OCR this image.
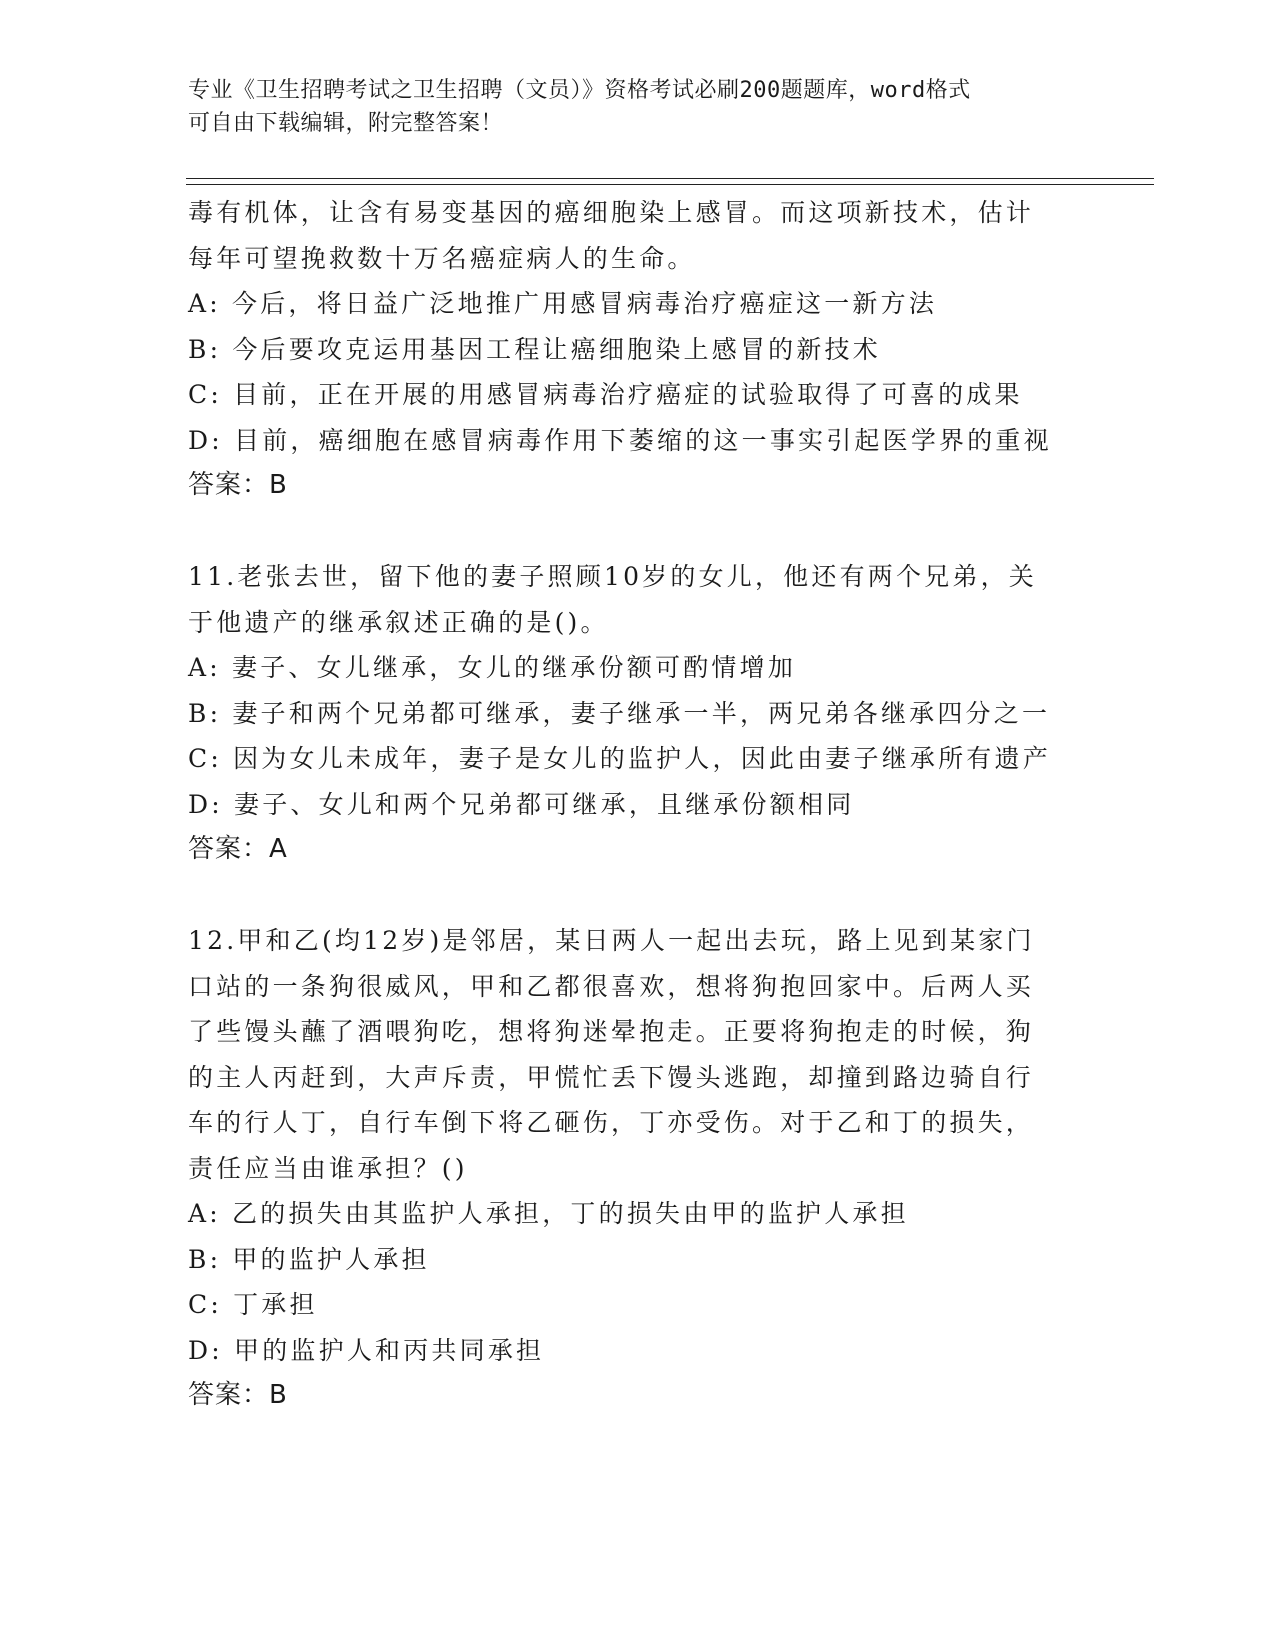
专业《卫生招聘考试之卫生招聘（文员）》资格考试必刷200题题库，word格式
可自由下载编辑，附完整答案！
毒有机体，让含有易变基因的癌细胞染上感冒。而这项新技术，估计
每年可望挽救数十万名癌症病人的生命。
A: 今后，将日益广泛地推广用感冒病毒治疗癌症这一新方法
B: 今后要攻克运用基因工程让癌细胞染上感冒的新技术
C: 目前，正在开展的用感冒病毒治疗癌症的试验取得了可喜的成果
D: 目前，癌细胞在感冒病毒作用下萎缩的这一事实引起医学界的重视
答案：B
11.老张去世，留下他的妻子照顾10岁的女儿，他还有两个兄弟，关
于他遗产的继承叙述正确的是()。
A: 妻子、女儿继承，女儿的继承份额可酌情增加
B: 妻子和两个兄弟都可继承，妻子继承一半，两兄弟各继承四分之一
C: 因为女儿未成年，妻子是女儿的监护人，因此由妻子继承所有遗产
D: 妻子、女儿和两个兄弟都可继承，且继承份额相同
答案：A
12.甲和乙(均12岁)是邻居，某日两人一起出去玩，路上见到某家门
口站的一条狗很威风，甲和乙都很喜欢，想将狗抱回家中。后两人买
了些馒头蘸了酒喂狗吃，想将狗迷晕抱走。正要将狗抱走的时候，狗
的主人丙赶到，大声斥责，甲慌忙丢下馒头逃跑，却撞到路边骑自行
车的行人丁，自行车倒下将乙砸伤，丁亦受伤。对于乙和丁的损失，
责任应当由谁承担？()
A: 乙的损失由其监护人承担，丁的损失由甲的监护人承担
B: 甲的监护人承担
C: 丁承担
D: 甲的监护人和丙共同承担
答案：B
